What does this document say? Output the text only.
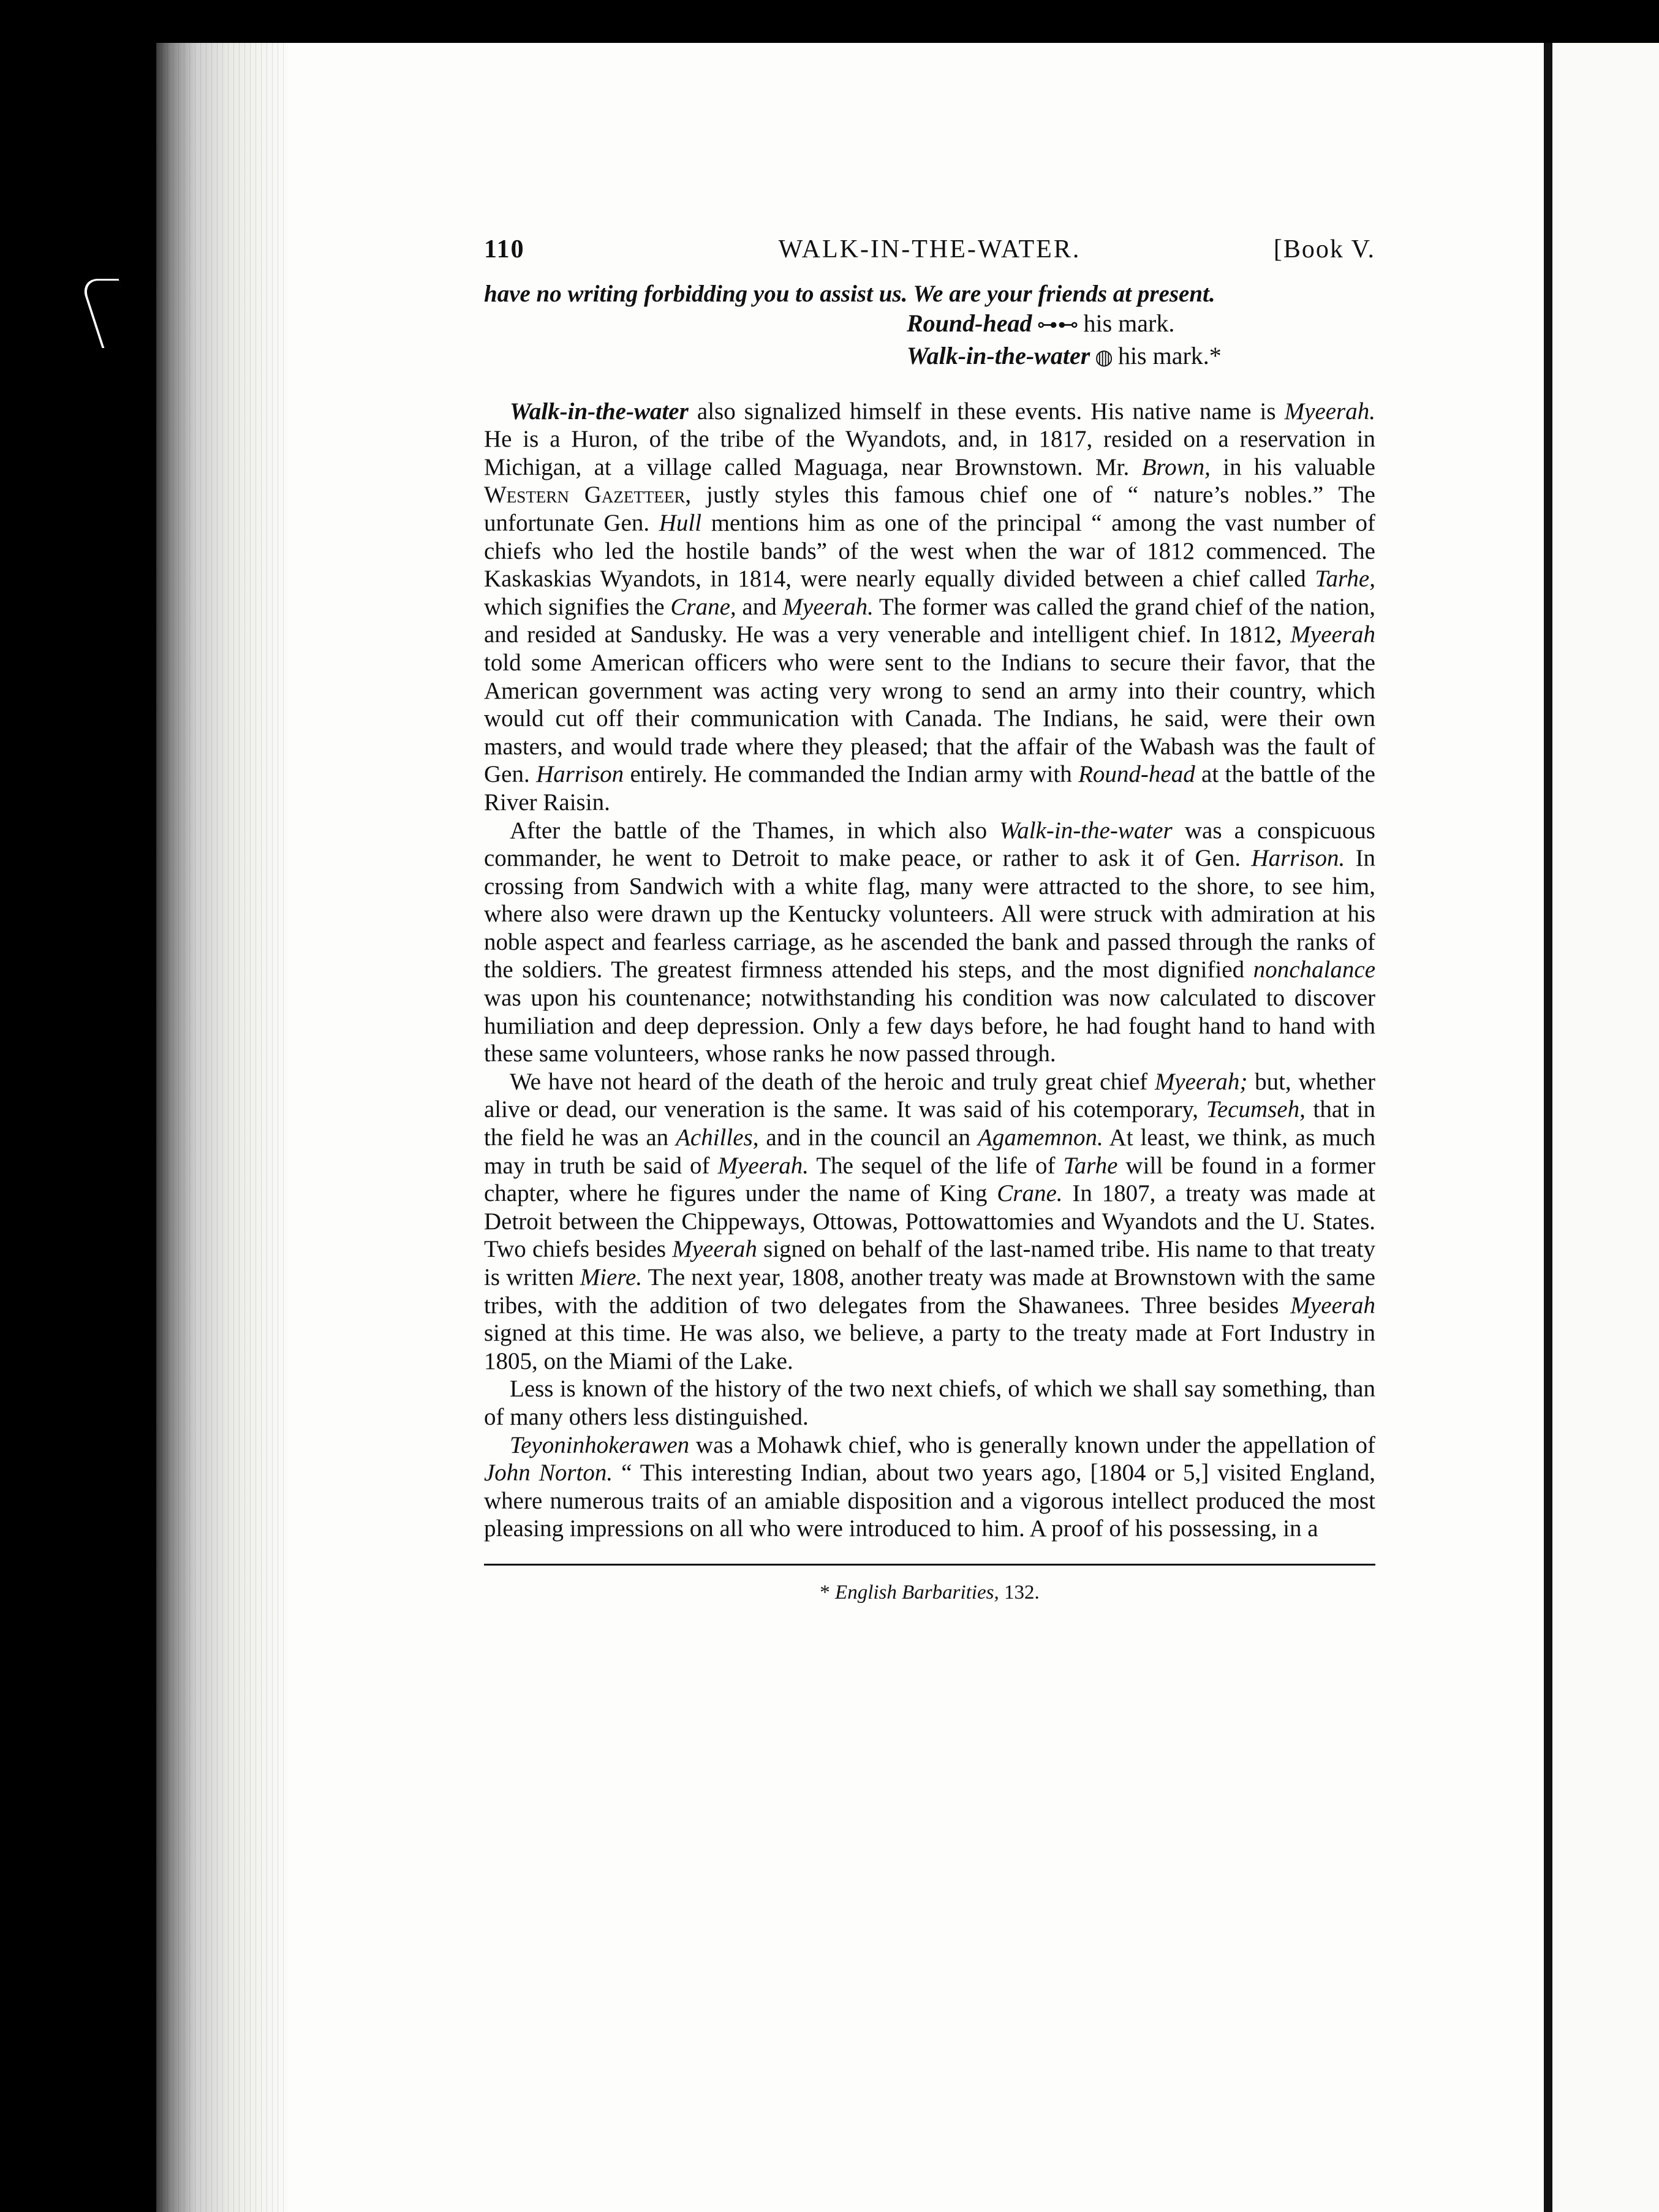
110	WALK-IN-THE-WATER.	[Book V.

have no writing forbidding you to assist us. We are your friends at present.

Round-head ⊶⊷ his mark.
Walk-in-the-water ◍ his mark.*

Walk-in-the-water also signalized himself in these events. His native name is Myeerah. He is a Huron, of the tribe of the Wyandots, and, in 1817, resided on a reservation in Michigan, at a village called Maguaga, near Brownstown. Mr. Brown, in his valuable Western Gazetteer, justly styles this famous chief one of “ nature’s nobles.” The unfortunate Gen. Hull mentions him as one of the principal “ among the vast number of chiefs who led the hostile bands” of the west when the war of 1812 commenced. The Kaskaskias Wyandots, in 1814, were nearly equally divided between a chief called Tarhe, which signifies the Crane, and Myeerah. The former was called the grand chief of the nation, and resided at Sandusky. He was a very venerable and intelligent chief. In 1812, Myeerah told some American officers who were sent to the Indians to secure their favor, that the American government was acting very wrong to send an army into their country, which would cut off their communication with Canada. The Indians, he said, were their own masters, and would trade where they pleased; that the affair of the Wabash was the fault of Gen. Harrison entirely. He commanded the Indian army with Round-head at the battle of the River Raisin.

After the battle of the Thames, in which also Walk-in-the-water was a conspicuous commander, he went to Detroit to make peace, or rather to ask it of Gen. Harrison. In crossing from Sandwich with a white flag, many were attracted to the shore, to see him, where also were drawn up the Kentucky volunteers. All were struck with admiration at his noble aspect and fearless carriage, as he ascended the bank and passed through the ranks of the soldiers. The greatest firmness attended his steps, and the most dignified nonchalance was upon his countenance; notwithstanding his condition was now calculated to discover humiliation and deep depression. Only a few days before, he had fought hand to hand with these same volunteers, whose ranks he now passed through.

We have not heard of the death of the heroic and truly great chief Myeerah; but, whether alive or dead, our veneration is the same. It was said of his cotemporary, Tecumseh, that in the field he was an Achilles, and in the council an Agamemnon. At least, we think, as much may in truth be said of Myeerah. The sequel of the life of Tarhe will be found in a former chapter, where he figures under the name of King Crane. In 1807, a treaty was made at Detroit between the Chippeways, Ottowas, Pottowattomies and Wyandots and the U. States. Two chiefs besides Myeerah signed on behalf of the last-named tribe. His name to that treaty is written Miere. The next year, 1808, another treaty was made at Brownstown with the same tribes, with the addition of two delegates from the Shawanees. Three besides Myeerah signed at this time. He was also, we believe, a party to the treaty made at Fort Industry in 1805, on the Miami of the Lake.

Less is known of the history of the two next chiefs, of which we shall say something, than of many others less distinguished.

Teyoninhokerawen was a Mohawk chief, who is generally known under the appellation of John Norton. “ This interesting Indian, about two years ago, [1804 or 5,] visited England, where numerous traits of an amiable disposition and a vigorous intellect produced the most pleasing impressions on all who were introduced to him. A proof of his possessing, in a

* English Barbarities, 132.
